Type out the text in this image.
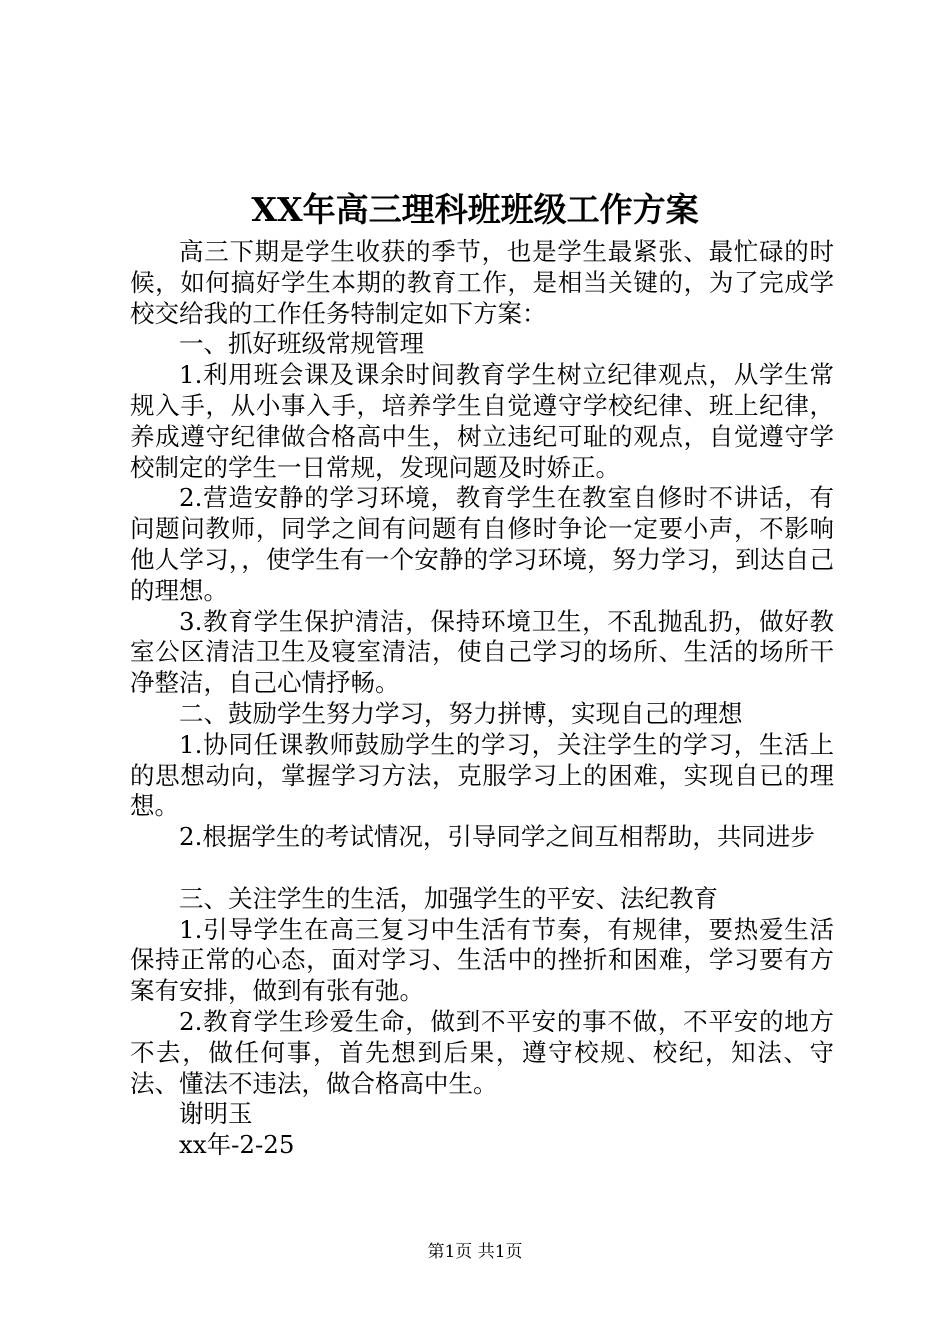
XX年高三理科班班级工作方案

高三下期是学生收获的季节，也是学生最紧张、最忙碌的时候，如何搞好学生本期的教育工作，是相当关键的，为了完成学校交给我的工作任务特制定如下方案：

一、抓好班级常规管理

1.利用班会课及课余时间教育学生树立纪律观点，从学生常规入手，从小事入手，培养学生自觉遵守学校纪律、班上纪律，养成遵守纪律做合格高中生，树立违纪可耻的观点，自觉遵守学校制定的学生一日常规，发现问题及时娇正。

2.营造安静的学习环境，教育学生在教室自修时不讲话，有问题问教师，同学之间有问题有自修时争论一定要小声，不影响他人学习，，使学生有一个安静的学习环境，努力学习，到达自己的理想。

3.教育学生保护清洁，保持环境卫生，不乱抛乱扔，做好教室公区清洁卫生及寝室清洁，使自己学习的场所、生活的场所干净整洁，自己心情抒畅。

二、鼓励学生努力学习，努力拼博，实现自己的理想

1.协同任课教师鼓励学生的学习，关注学生的学习，生活上的思想动向，掌握学习方法，克服学习上的困难，实现自已的理想。

2.根据学生的考试情况，引导同学之间互相帮助，共同进步

三、关注学生的生活，加强学生的平安、法纪教育

1.引导学生在高三复习中生活有节奏，有规律，要热爱生活保持正常的心态，面对学习、生活中的挫折和困难，学习要有方案有安排，做到有张有弛。

2.教育学生珍爱生命，做到不平安的事不做，不平安的地方不去，做任何事，首先想到后果，遵守校规、校纪，知法、守法、懂法不违法，做合格高中生。

谢明玉

xx年-2-25

第1页 共1页
